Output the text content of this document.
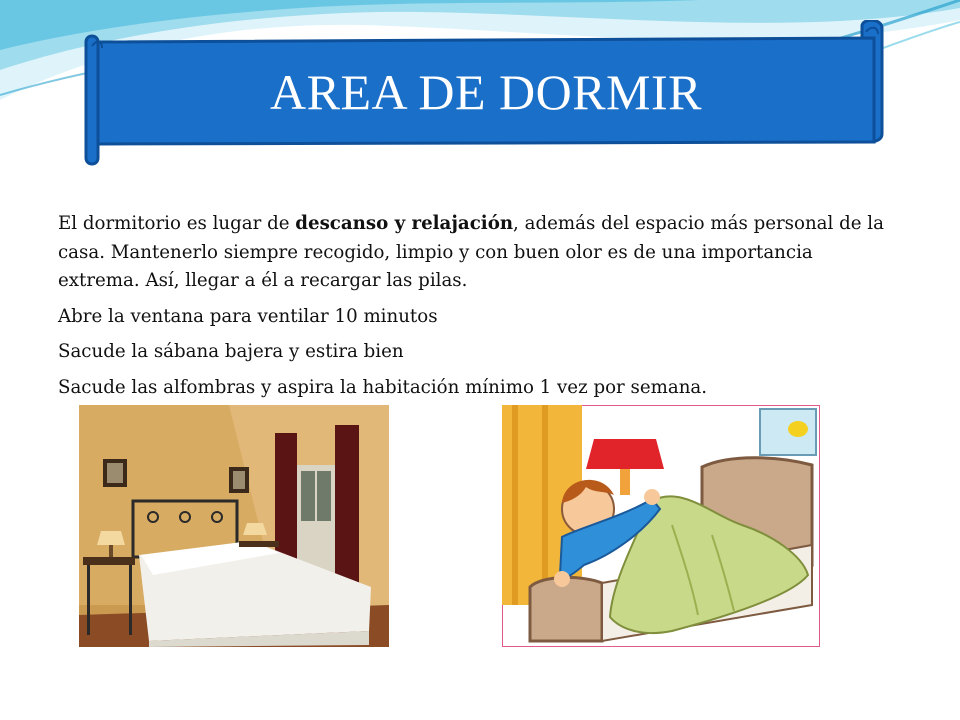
AREA DE DORMIR

El dormitorio es lugar de descanso y relajación, además del espacio más personal de la casa. Mantenerlo siempre recogido, limpio y con buen olor es de una importancia extrema. Así, llegar a él a recargar las pilas.

Abre la ventana para ventilar 10 minutos

Sacude la sábana bajera y estira bien

Sacude las alfombras y aspira la habitación mínimo 1 vez por semana.
